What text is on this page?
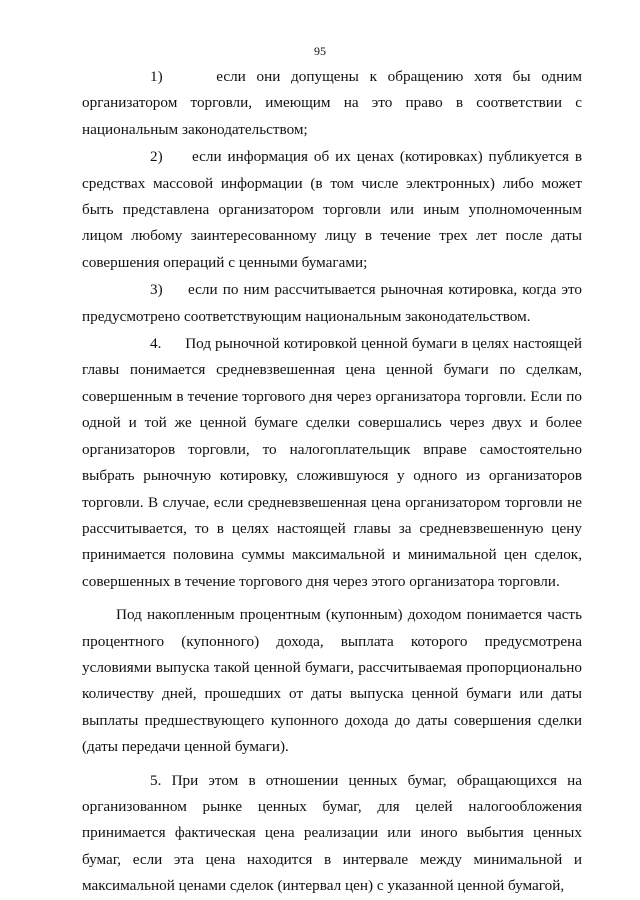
95

1)	если они допущены к обращению хотя бы одним организатором торговли, имеющим на это право в соответствии с национальным законодательством;

2) если информация об их ценах (котировках) публикуется в средствах массовой информации (в том числе электронных) либо может быть представлена организатором торговли или иным уполномоченным лицом любому заинтересованному лицу в течение трех лет после даты совершения операций с ценными бумагами;

3) если по ним рассчитывается рыночная котировка, когда это предусмотрено соответствующим национальным законодательством.

4. Под рыночной котировкой ценной бумаги в целях настоящей главы понимается средневзвешенная цена ценной бумаги по сделкам, совершенным в течение торгового дня через организатора торговли. Если по одной и той же ценной бумаге сделки совершались через двух и более организаторов торговли, то налогоплательщик вправе самостоятельно выбрать рыночную котировку, сложившуюся у одного из организаторов торговли. В случае, если средневзвешенная цена организатором торговли не рассчитывается, то в целях настоящей главы за средневзвешенную цену принимается половина суммы максимальной и минимальной цен сделок, совершенных в течение торгового дня через этого организатора торговли.

Под накопленным процентным (купонным) доходом понимается часть процентного (купонного) дохода, выплата которого предусмотрена условиями выпуска такой ценной бумаги, рассчитываемая пропорционально количеству дней, прошедших от даты выпуска ценной бумаги или даты выплаты предшествующего купонного дохода до даты совершения сделки (даты передачи ценной бумаги).

5. При этом в отношении ценных бумаг, обращающихся на организованном рынке ценных бумаг, для целей налогообложения принимается фактическая цена реализации или иного выбытия ценных бумаг, если эта цена находится в интервале между минимальной и максимальной ценами сделок (интервал цен) с указанной ценной бумагой,
